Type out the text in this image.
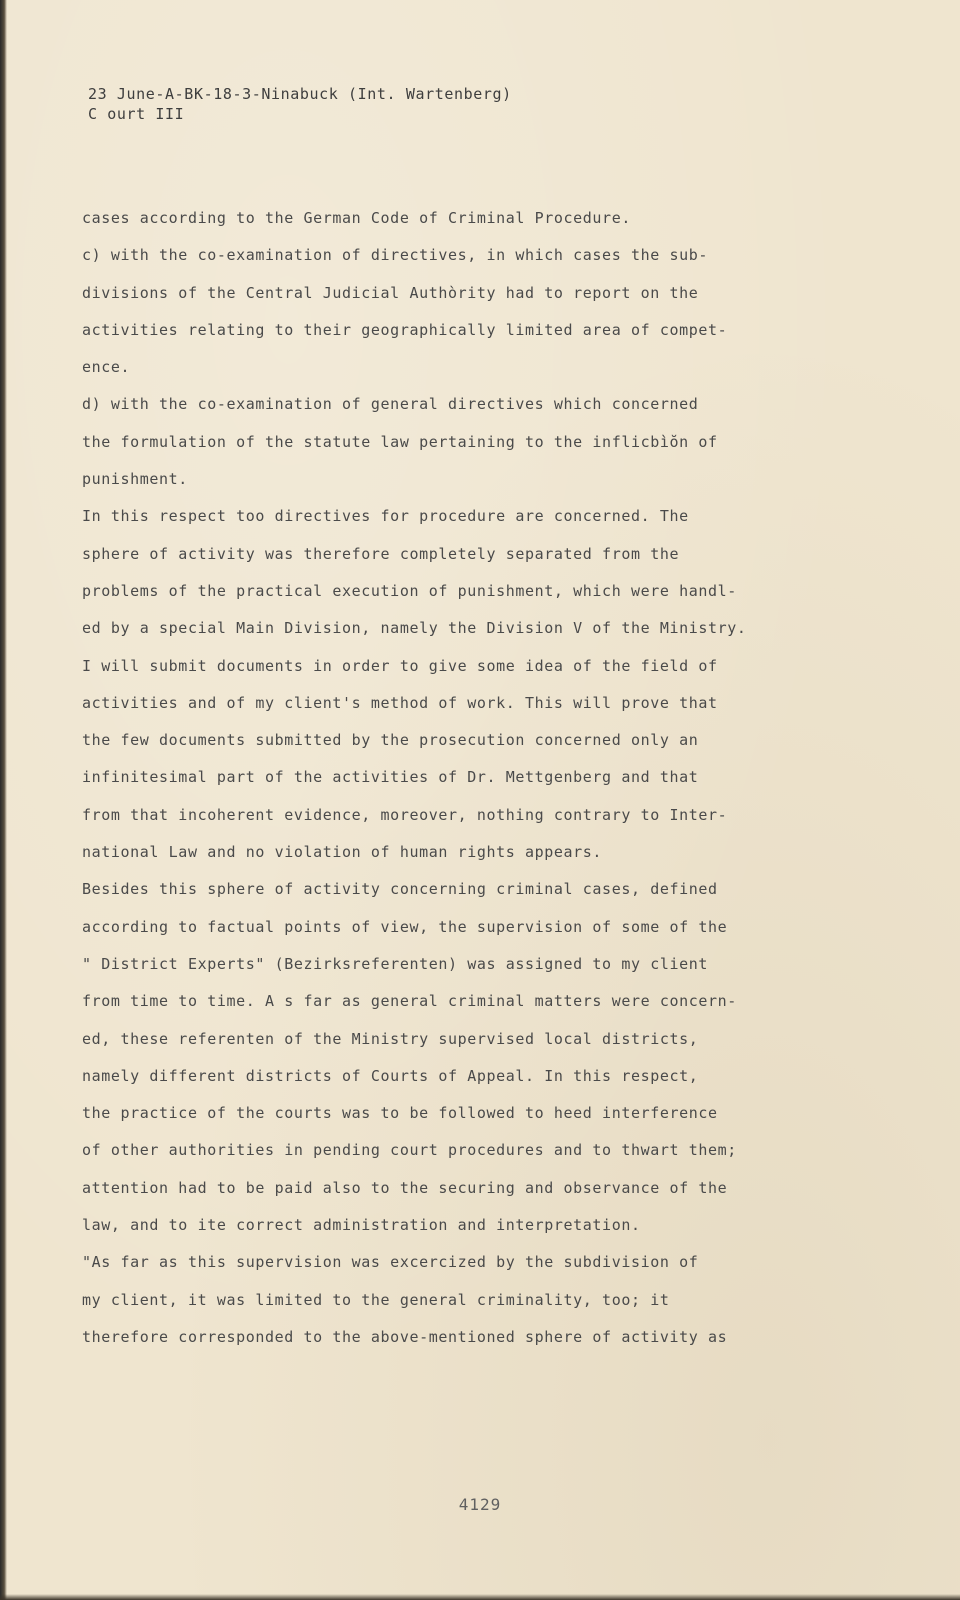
23 June-A-BK-18-3-Ninabuck (Int. Wartenberg)
C ourt III
cases according to the German Code of Criminal Procedure.
c) with the co-examination of directives, in which cases the sub-
divisions of the Central Judicial Authòrity had to report on the
activities relating to their geographically limited area of compet-
ence.
d) with the co-examination of general directives which concerned
the formulation of the statute law pertaining to the inflicbìŏn of
punishment.
In this respect too directives for procedure are concerned. The
sphere of activity was therefore completely separated from the
problems of the practical execution of punishment, which were handl-
ed by a special Main Division, namely the Division V of the Ministry.
I will submit documents in order to give some idea of the field of
activities and of my client's method of work. This will prove that
the few documents submitted by the prosecution concerned only an
infinitesimal part of the activities of Dr. Mettgenberg and that
from that incoherent evidence, moreover, nothing contrary to Inter-
national Law and no violation of human rights appears.
Besides this sphere of activity concerning criminal cases, defined
according to factual points of view, the supervision of some of the
" District Experts" (Bezirksreferenten) was assigned to my client
from time to time. A s far as general criminal matters were concern-
ed, these referenten of the Ministry supervised local districts,
namely different districts of Courts of Appeal. In this respect,
the practice of the courts was to be followed to heed interference
of other authorities in pending court procedures and to thwart them;
attention had to be paid also to the securing and observance of the
law, and to ite correct administration and interpretation.
"As far as this supervision was excercized by the subdivision of
my client, it was limited to the general criminality, too; it
therefore corresponded to the above-mentioned sphere of activity as
4129
